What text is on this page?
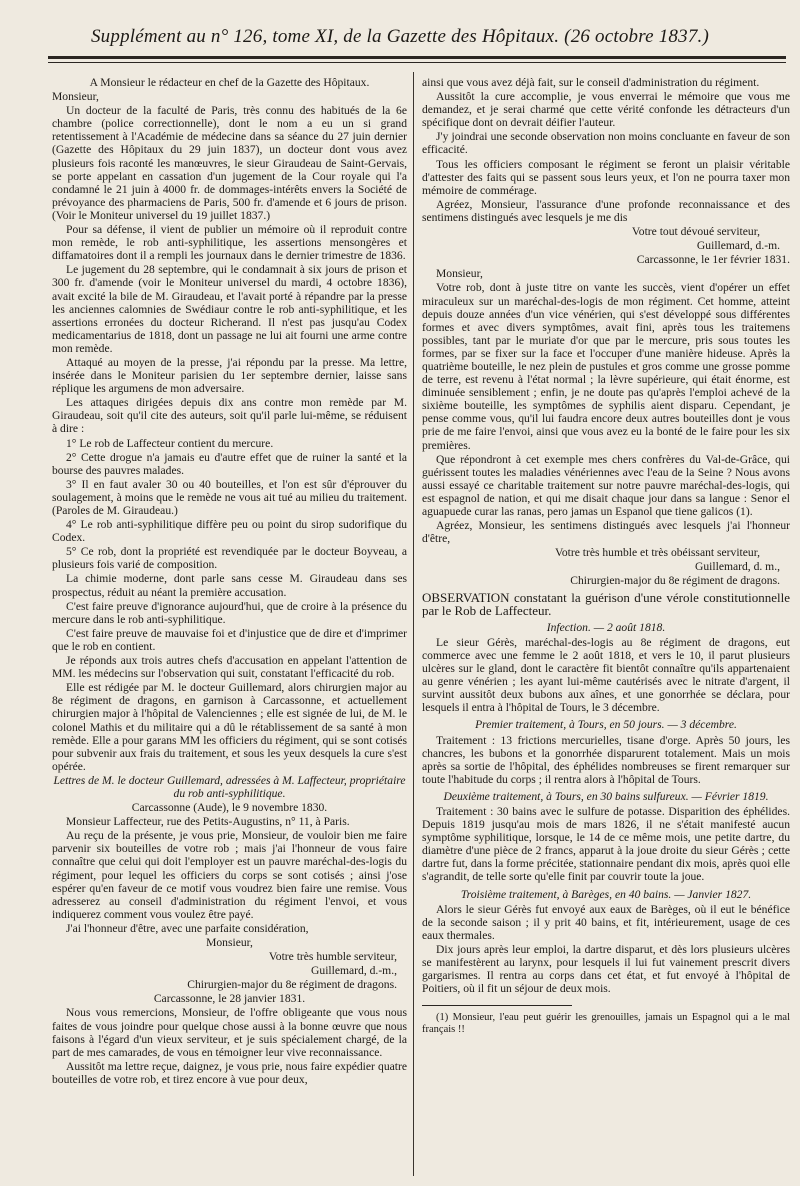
Supplément au n° 126, tome XI, de la Gazette des Hôpitaux. (26 octobre 1837.)

A Monsieur le rédacteur en chef de la Gazette des Hôpitaux.

Monsieur,

Un docteur de la faculté de Paris, très connu des habitués de la 6e chambre (police correctionnelle), dont le nom a eu un si grand retentissement à l'Académie de médecine dans sa séance du 27 juin dernier (Gazette des Hôpitaux du 29 juin 1837), un docteur dont vous avez plusieurs fois raconté les manœuvres, le sieur Giraudeau de Saint-Gervais, se porte appelant en cassation d'un jugement de la Cour royale qui l'a condamné le 21 juin à 4000 fr. de dommages-intérêts envers la Société de prévoyance des pharmaciens de Paris, 500 fr. d'amende et 6 jours de prison. (Voir le Moniteur universel du 19 juillet 1837.)

Pour sa défense, il vient de publier un mémoire où il reproduit contre mon remède, le rob anti-syphilitique, les assertions mensongères et diffamatoires dont il a rempli les journaux dans le dernier trimestre de 1836.

Le jugement du 28 septembre, qui le condamnait à six jours de prison et 300 fr. d'amende (voir le Moniteur universel du mardi, 4 octobre 1836), avait excité la bile de M. Giraudeau, et l'avait porté à répandre par la presse les anciennes calomnies de Swédiaur contre le rob anti-syphilitique, et les assertions erronées du docteur Richerand. Il n'est pas jusqu'au Codex medicamentarius de 1818, dont un passage ne lui ait fourni une arme contre mon remède.

Attaqué au moyen de la presse, j'ai répondu par la presse. Ma lettre, insérée dans le Moniteur parisien du 1er septembre dernier, laisse sans réplique les argumens de mon adversaire.

Les attaques dirigées depuis dix ans contre mon remède par M. Giraudeau, soit qu'il cite des auteurs, soit qu'il parle lui-même, se réduisent à dire :

1° Le rob de Laffecteur contient du mercure.

2° Cette drogue n'a jamais eu d'autre effet que de ruiner la santé et la bourse des pauvres malades.

3° Il en faut avaler 30 ou 40 bouteilles, et l'on est sûr d'éprouver du soulagement, à moins que le remède ne vous ait tué au milieu du traitement. (Paroles de M. Giraudeau.)

4° Le rob anti-syphilitique diffère peu ou point du sirop sudorifique du Codex.

5° Ce rob, dont la propriété est revendiquée par le docteur Boyveau, a plusieurs fois varié de composition.

La chimie moderne, dont parle sans cesse M. Giraudeau dans ses prospectus, réduit au néant la première accusation.

C'est faire preuve d'ignorance aujourd'hui, que de croire à la présence du mercure dans le rob anti-syphilitique.

C'est faire preuve de mauvaise foi et d'injustice que de dire et d'imprimer que le rob en contient.

Je réponds aux trois autres chefs d'accusation en appelant l'attention de MM. les médecins sur l'observation qui suit, constatant l'efficacité du rob.

Elle est rédigée par M. le docteur Guillemard, alors chirurgien major au 8e régiment de dragons, en garnison à Carcassonne, et actuellement chirurgien major à l'hôpital de Valenciennes ; elle est signée de lui, de M. le colonel Mathis et du militaire qui a dû le rétablissement de sa santé à mon remède. Elle a pour garans MM les officiers du régiment, qui se sont cotisés pour subvenir aux frais du traitement, et sous les yeux desquels la cure s'est opérée.

Lettres de M. le docteur Guillemard, adressées à M. Laffecteur, propriétaire du rob anti-syphilitique.

Carcassonne (Aude), le 9 novembre 1830.

Monsieur Laffecteur, rue des Petits-Augustins, n° 11, à Paris.

Au reçu de la présente, je vous prie, Monsieur, de vouloir bien me faire parvenir six bouteilles de votre rob ; mais j'ai l'honneur de vous faire connaître que celui qui doit l'employer est un pauvre maréchal-des-logis du régiment, pour lequel les officiers du corps se sont cotisés ; ainsi j'ose espérer qu'en faveur de ce motif vous voudrez bien faire une remise. Vous adresserez au conseil d'administration du régiment l'envoi, et vous indiquerez comment vous voulez être payé.

J'ai l'honneur d'être, avec une parfaite considération,

Monsieur,

Votre très humble serviteur,

Guillemard, d.-m.,

Chirurgien-major du 8e régiment de dragons.

Carcassonne, le 28 janvier 1831.

Nous vous remercions, Monsieur, de l'offre obligeante que vous nous faites de vous joindre pour quelque chose aussi à la bonne œuvre que nous faisons à l'égard d'un vieux serviteur, et je suis spécialement chargé, de la part de mes camarades, de vous en témoigner leur vive reconnaissance.

Aussitôt ma lettre reçue, daignez, je vous prie, nous faire expédier quatre bouteilles de votre rob, et tirez encore à vue pour deux,

ainsi que vous avez déjà fait, sur le conseil d'administration du régiment.

Aussitôt la cure accomplie, je vous enverrai le mémoire que vous me demandez, et je serai charmé que cette vérité confonde les détracteurs d'un spécifique dont on devrait déifier l'auteur.

J'y joindrai une seconde observation non moins concluante en faveur de son efficacité.

Tous les officiers composant le régiment se feront un plaisir véritable d'attester des faits qui se passent sous leurs yeux, et l'on ne pourra taxer mon mémoire de commérage.

Agréez, Monsieur, l'assurance d'une profonde reconnaissance et des sentimens distingués avec lesquels je me dis

Votre tout dévoué serviteur,

Guillemard, d.-m.

Carcassonne, le 1er février 1831.

Monsieur,

Votre rob, dont à juste titre on vante les succès, vient d'opérer un effet miraculeux sur un maréchal-des-logis de mon régiment. Cet homme, atteint depuis douze années d'un vice vénérien, qui s'est développé sous différentes formes et avec divers symptômes, avait fini, après tous les traitemens possibles, tant par le muriate d'or que par le mercure, pris sous toutes les formes, par se fixer sur la face et l'occuper d'une manière hideuse. Après la quatrième bouteille, le nez plein de pustules et gros comme une grosse pomme de terre, est revenu à l'état normal ; la lèvre supérieure, qui était énorme, est diminuée sensiblement ; enfin, je ne doute pas qu'après l'emploi achevé de la sixième bouteille, les symptômes de syphilis aient disparu. Cependant, je pense comme vous, qu'il lui faudra encore deux autres bouteilles dont je vous prie de me faire l'envoi, ainsi que vous avez eu la bonté de le faire pour les six premières.

Que répondront à cet exemple mes chers confrères du Val-de-Grâce, qui guérissent toutes les maladies vénériennes avec l'eau de la Seine ? Nous avons aussi essayé ce charitable traitement sur notre pauvre maréchal-des-logis, qui est espagnol de nation, et qui me disait chaque jour dans sa langue : Senor el aguapuede curar las ranas, pero jamas un Espanol que tiene galicos (1).

Agréez, Monsieur, les sentimens distingués avec lesquels j'ai l'honneur d'être,

Votre très humble et très obéissant serviteur,

Guillemard, d. m.,

Chirurgien-major du 8e régiment de dragons.

OBSERVATION constatant la guérison d'une vérole constitutionnelle par le Rob de Laffecteur.

Infection. — 2 août 1818.

Le sieur Gérès, maréchal-des-logis au 8e régiment de dragons, eut commerce avec une femme le 2 août 1818, et vers le 10, il parut plusieurs ulcères sur le gland, dont le caractère fit bientôt connaître qu'ils appartenaient au genre vénérien ; les ayant lui-même cautérisés avec le nitrate d'argent, il survint aussitôt deux bubons aux aînes, et une gonorrhée se déclara, pour lesquels il entra à l'hôpital de Tours, le 3 décembre.

Premier traitement, à Tours, en 50 jours. — 3 décembre.

Traitement : 13 frictions mercurielles, tisane d'orge. Après 50 jours, les chancres, les bubons et la gonorrhée disparurent totalement. Mais un mois après sa sortie de l'hôpital, des éphélides nombreuses se firent remarquer sur toute l'habitude du corps ; il rentra alors à l'hôpital de Tours.

Deuxième traitement, à Tours, en 30 bains sulfureux. — Février 1819.

Traitement : 30 bains avec le sulfure de potasse. Disparition des éphélides. Depuis 1819 jusqu'au mois de mars 1826, il ne s'était manifesté aucun symptôme syphilitique, lorsque, le 14 de ce même mois, une petite dartre, du diamètre d'une pièce de 2 francs, apparut à la joue droite du sieur Gérès ; cette dartre fut, dans la forme précitée, stationnaire pendant dix mois, après quoi elle s'agrandit, de telle sorte qu'elle finit par couvrir toute la joue.

Troisième traitement, à Barèges, en 40 bains. — Janvier 1827.

Alors le sieur Gérès fut envoyé aux eaux de Barèges, où il eut le bénéfice de la seconde saison ; il y prit 40 bains, et fit, intérieurement, usage de ces eaux thermales.

Dix jours après leur emploi, la dartre disparut, et dès lors plusieurs ulcères se manifestèrent au larynx, pour lesquels il lui fut vainement prescrit divers gargarismes. Il rentra au corps dans cet état, et fut envoyé à l'hôpital de Poitiers, où il fit un séjour de deux mois.

(1) Monsieur, l'eau peut guérir les grenouilles, jamais un Espagnol qui a le mal français !!
